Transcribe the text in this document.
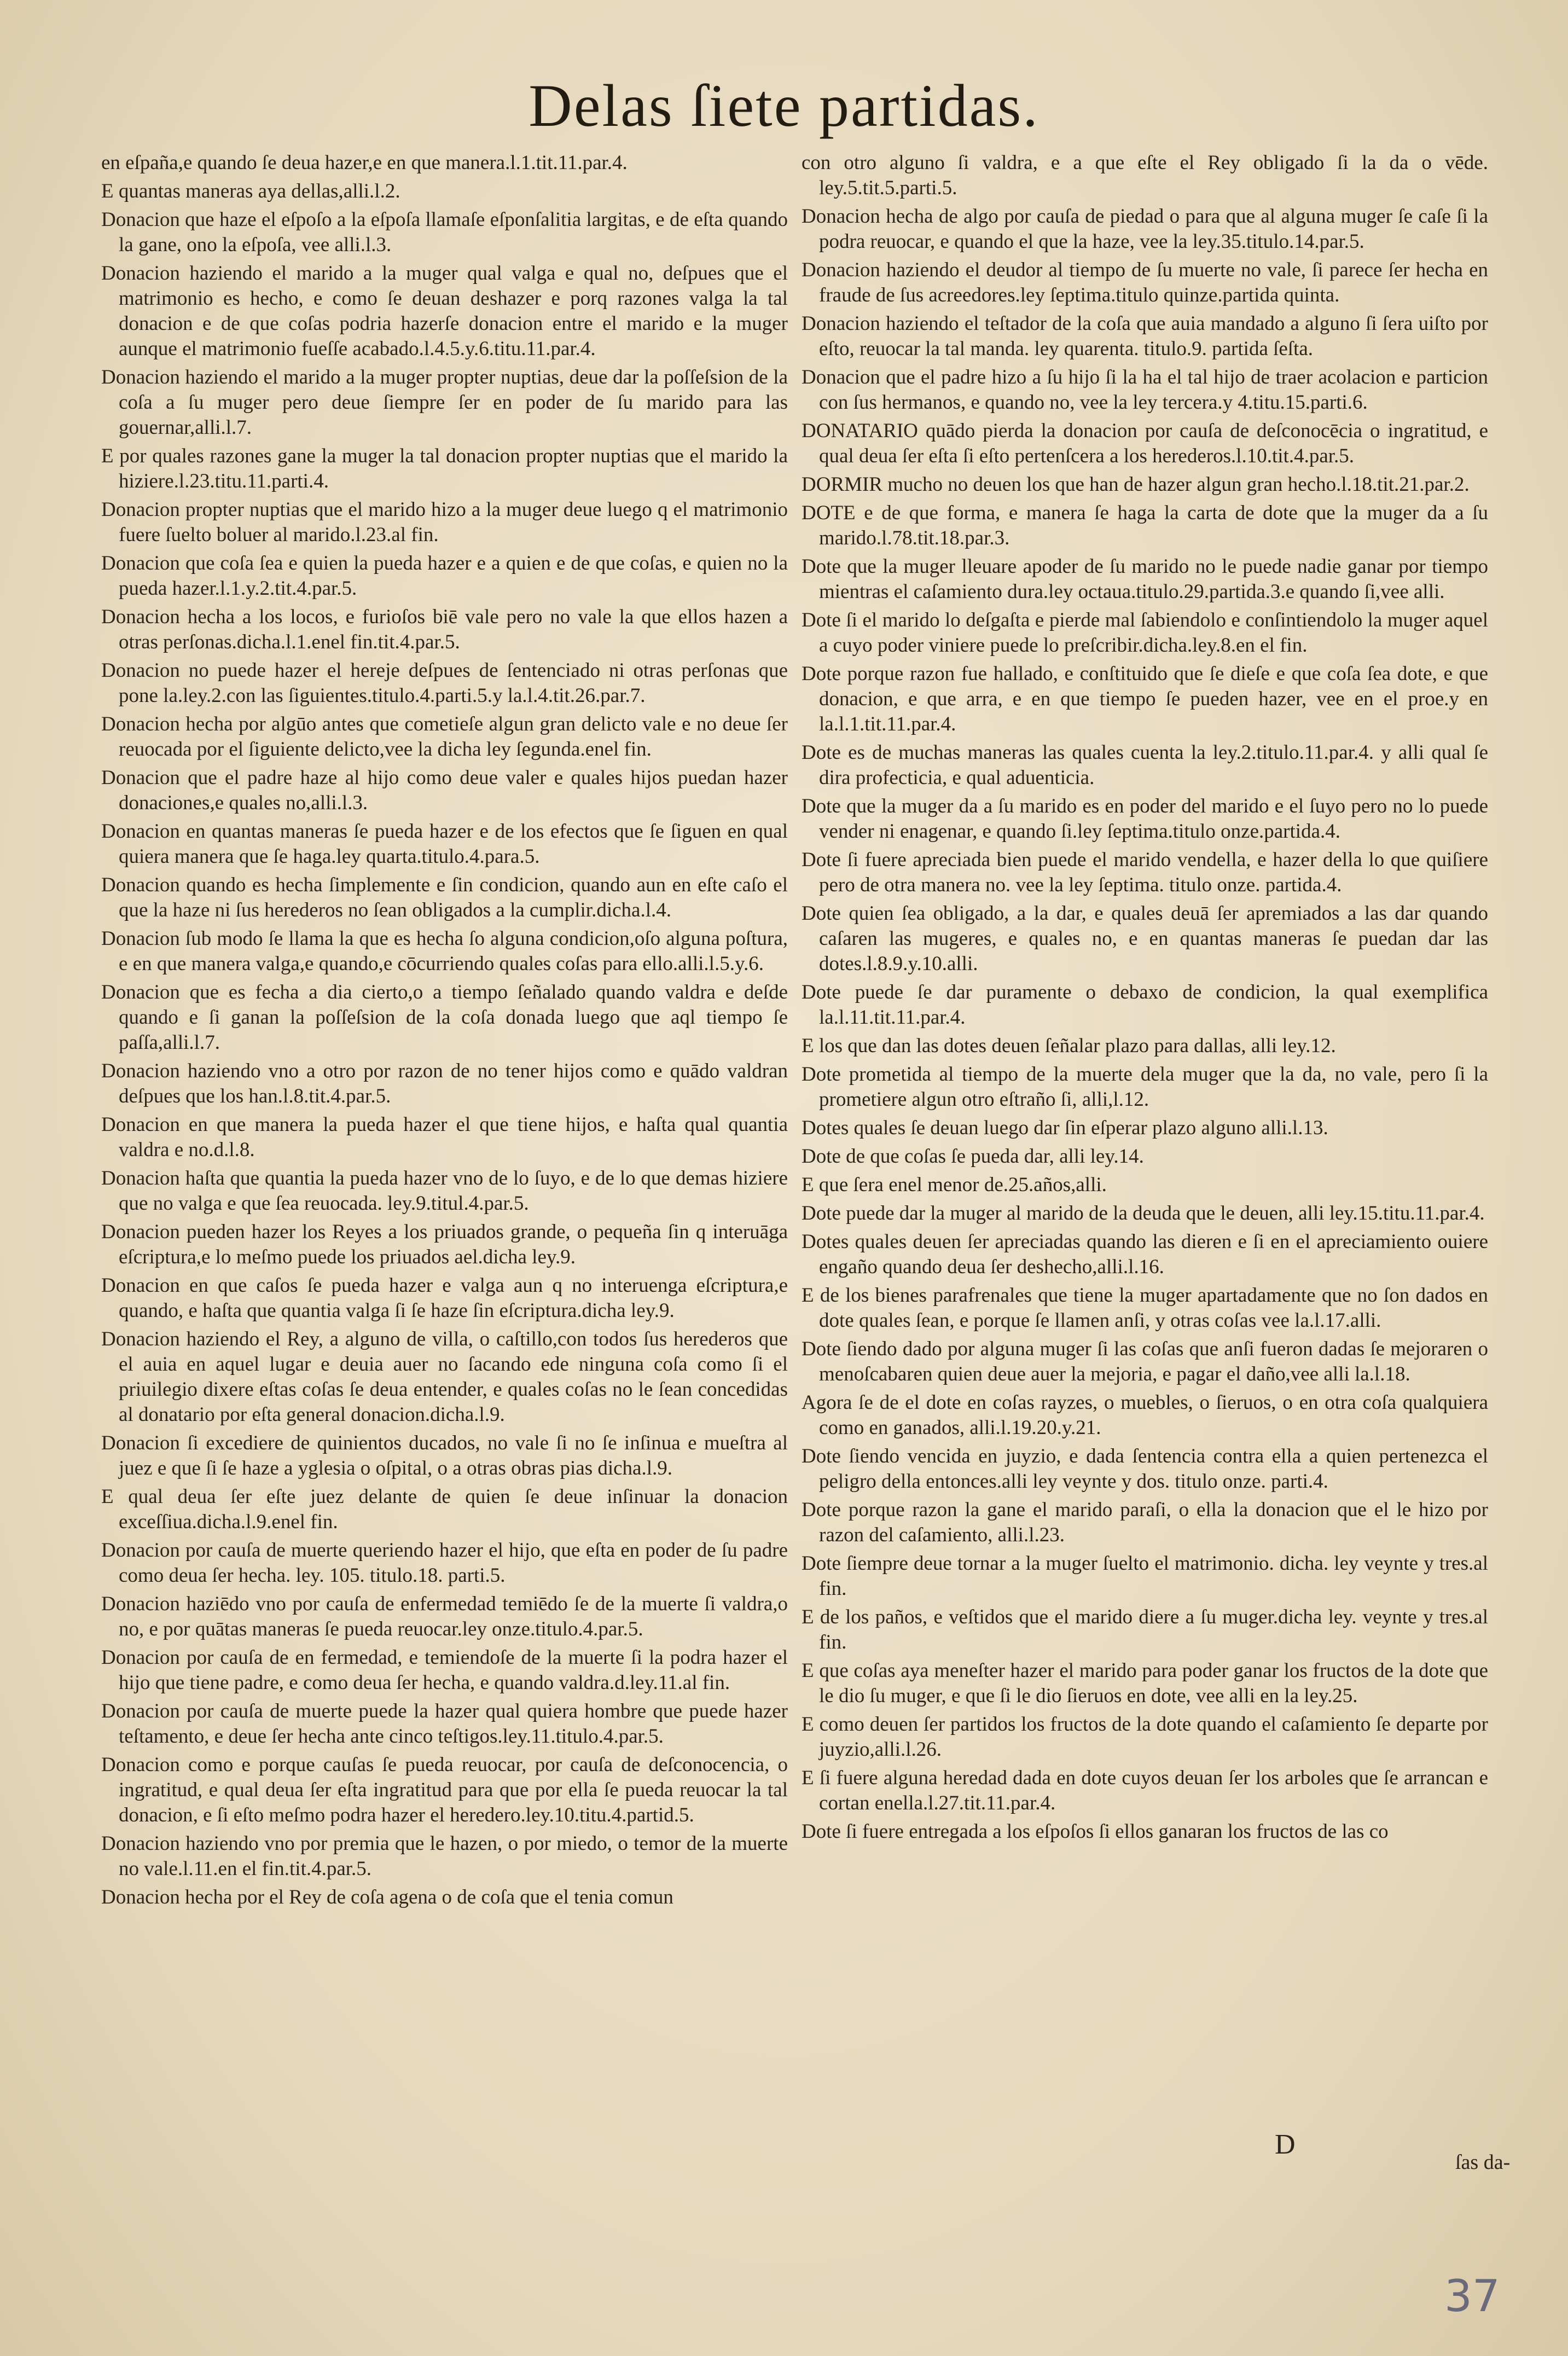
Delas ſiete partidas.
en eſpaña,e quando ſe deua hazer,e en que manera.l.1.tit.11.par.4.
E quantas maneras aya dellas,alli.l.2.
Donacion que haze el eſpoſo a la eſpoſa llamaſe eſponſalitia largitas, e de eſta quando la gane, ono la eſpoſa, vee alli.l.3.
Donacion haziendo el marido a la muger qual valga e qual no, deſpues que el matrimonio es hecho, e como ſe deuan deshazer e porq razones valga la tal donacion e de que coſas podria hazerſe donacion entre el marido e la muger aunque el matrimonio fueſſe acabado.l.4.5.y.6.titu.11.par.4.
Donacion haziendo el marido a la muger propter nuptias, deue dar la poſſeſsion de la coſa a ſu muger pero deue ſiempre ſer en poder de ſu marido para las gouernar,alli.l.7.
E por quales razones gane la muger la tal donacion propter nuptias que el marido la hiziere.l.23.titu.11.parti.4.
Donacion propter nuptias que el marido hizo a la muger deue luego q el matrimonio fuere ſuelto boluer al marido.l.23.al fin.
Donacion que coſa ſea e quien la pueda hazer e a quien e de que coſas, e quien no la pueda hazer.l.1.y.2.tit.4.par.5.
Donacion hecha a los locos, e furioſos biē vale pero no vale la que ellos hazen a otras perſonas.dicha.l.1.enel fin.tit.4.par.5.
Donacion no puede hazer el hereje deſpues de ſentenciado ni otras perſonas que pone la.ley.2.con las ſiguientes.titulo.4.parti.5.y la.l.4.tit.26.par.7.
Donacion hecha por algūo antes que cometieſe algun gran delicto vale e no deue ſer reuocada por el ſiguiente delicto,vee la dicha ley ſegunda.enel fin.
Donacion que el padre haze al hijo como deue valer e quales hijos puedan hazer donaciones,e quales no,alli.l.3.
Donacion en quantas maneras ſe pueda hazer e de los efectos que ſe ſiguen en qual quiera manera que ſe haga.ley quarta.titulo.4.para.5.
Donacion quando es hecha ſimplemente e ſin condicion, quando aun en eſte caſo el que la haze ni ſus herederos no ſean obligados a la cumplir.dicha.l.4.
Donacion ſub modo ſe llama la que es hecha ſo alguna condicion,oſo alguna poſtura, e en que manera valga,e quando,e cōcurriendo quales coſas para ello.alli.l.5.y.6.
Donacion que es fecha a dia cierto,o a tiempo ſeñalado quando valdra e deſde quando e ſi ganan la poſſeſsion de la coſa donada luego que aql tiempo ſe paſſa,alli.l.7.
Donacion haziendo vno a otro por razon de no tener hijos como e quādo valdran deſpues que los han.l.8.tit.4.par.5.
Donacion en que manera la pueda hazer el que tiene hijos, e haſta qual quantia valdra e no.d.l.8.
Donacion haſta que quantia la pueda hazer vno de lo ſuyo, e de lo que demas hiziere que no valga e que ſea reuocada. ley.9.titul.4.par.5.
Donacion pueden hazer los Reyes a los priuados grande, o pequeña ſin q interuāga eſcriptura,e lo meſmo puede los priuados ael.dicha ley.9.
Donacion en que caſos ſe pueda hazer e valga aun q no interuenga eſcriptura,e quando, e haſta que quantia valga ſi ſe haze ſin eſcriptura.dicha ley.9.
Donacion haziendo el Rey, a alguno de villa, o caſtillo,con todos ſus herederos que el auia en aquel lugar e deuia auer no ſacando ede ninguna coſa como ſi el priuilegio dixere eſtas coſas ſe deua entender, e quales coſas no le ſean concedidas al donatario por eſta general donacion.dicha.l.9.
Donacion ſi excediere de quinientos ducados, no vale ſi no ſe inſinua e mueſtra al juez e que ſi ſe haze a yglesia o oſpital, o a otras obras pias dicha.l.9.
E qual deua ſer eſte juez delante de quien ſe deue inſinuar la donacion exceſſiua.dicha.l.9.enel fin.
Donacion por cauſa de muerte queriendo hazer el hijo, que eſta en poder de ſu padre como deua ſer hecha. ley. 105. titulo.18. parti.5.
Donacion haziēdo vno por cauſa de enfermedad temiēdo ſe de la muerte ſi valdra,o no, e por quātas maneras ſe pueda reuocar.ley onze.titulo.4.par.5.
Donacion por cauſa de en fermedad, e temiendoſe de la muerte ſi la podra hazer el hijo que tiene padre, e como deua ſer hecha, e quando valdra.d.ley.11.al fin.
Donacion por cauſa de muerte puede la hazer qual quiera hombre que puede hazer teſtamento, e deue ſer hecha ante cinco teſtigos.ley.11.titulo.4.par.5.
Donacion como e porque cauſas ſe pueda reuocar, por cauſa de deſconocencia, o ingratitud, e qual deua ſer eſta ingratitud para que por ella ſe pueda reuocar la tal donacion, e ſi eſto meſmo podra hazer el heredero.ley.10.titu.4.partid.5.
Donacion haziendo vno por premia que le hazen, o por miedo, o temor de la muerte no vale.l.11.en el fin.tit.4.par.5.
Donacion hecha por el Rey de coſa agena o de coſa que el tenia comun
con otro alguno ſi valdra, e a que eſte el Rey obligado ſi la da o vēde. ley.5.tit.5.parti.5.
Donacion hecha de algo por cauſa de piedad o para que al alguna muger ſe caſe ſi la podra reuocar, e quando el que la haze, vee la ley.35.titulo.14.par.5.
Donacion haziendo el deudor al tiempo de ſu muerte no vale, ſi parece ſer hecha en fraude de ſus acreedores.ley ſeptima.titulo quinze.partida quinta.
Donacion haziendo el teſtador de la coſa que auia mandado a alguno ſi ſera uiſto por eſto, reuocar la tal manda. ley quarenta. titulo.9. partida ſeſta.
Donacion que el padre hizo a ſu hijo ſi la ha el tal hijo de traer acolacion e particion con ſus hermanos, e quando no, vee la ley tercera.y 4.titu.15.parti.6.
DONATARIO quādo pierda la donacion por cauſa de deſconocēcia o ingratitud, e qual deua ſer eſta ſi eſto pertenſcera a los herederos.l.10.tit.4.par.5.
DORMIR mucho no deuen los que han de hazer algun gran hecho.l.18.tit.21.par.2.
DOTE e de que forma, e manera ſe haga la carta de dote que la muger da a ſu marido.l.78.tit.18.par.3.
Dote que la muger lleuare apoder de ſu marido no le puede nadie ganar por tiempo mientras el caſamiento dura.ley octaua.titulo.29.partida.3.e quando ſi,vee alli.
Dote ſi el marido lo deſgaſta e pierde mal ſabiendolo e conſintiendolo la muger aquel a cuyo poder viniere puede lo preſcribir.dicha.ley.8.en el fin.
Dote porque razon fue hallado, e conſtituido que ſe dieſe e que coſa ſea dote, e que donacion, e que arra, e en que tiempo ſe pueden hazer, vee en el proe.y en la.l.1.tit.11.par.4.
Dote es de muchas maneras las quales cuenta la ley.2.titulo.11.par.4. y alli qual ſe dira profecticia, e qual aduenticia.
Dote que la muger da a ſu marido es en poder del marido e el ſuyo pero no lo puede vender ni enagenar, e quando ſi.ley ſeptima.titulo onze.partida.4.
Dote ſi fuere apreciada bien puede el marido vendella, e hazer della lo que quiſiere pero de otra manera no. vee la ley ſeptima. titulo onze. partida.4.
Dote quien ſea obligado, a la dar, e quales deuā ſer apremiados a las dar quando caſaren las mugeres, e quales no, e en quantas maneras ſe puedan dar las dotes.l.8.9.y.10.alli.
Dote puede ſe dar puramente o debaxo de condicion, la qual exemplifica la.l.11.tit.11.par.4.
E los que dan las dotes deuen ſeñalar plazo para dallas, alli ley.12.
Dote prometida al tiempo de la muerte dela muger que la da, no vale, pero ſi la prometiere algun otro eſtraño ſi, alli,l.12.
Dotes quales ſe deuan luego dar ſin eſperar plazo alguno alli.l.13.
Dote de que coſas ſe pueda dar, alli ley.14.
E que ſera enel menor de.25.años,alli.
Dote puede dar la muger al marido de la deuda que le deuen, alli ley.15.titu.11.par.4.
Dotes quales deuen ſer apreciadas quando las dieren e ſi en el apreciamiento ouiere engaño quando deua ſer deshecho,alli.l.16.
E de los bienes parafrenales que tiene la muger apartadamente que no ſon dados en dote quales ſean, e porque ſe llamen anſi, y otras coſas vee la.l.17.alli.
Dote ſiendo dado por alguna muger ſi las coſas que anſi fueron dadas ſe mejoraren o menoſcabaren quien deue auer la mejoria, e pagar el daño,vee alli la.l.18.
Agora ſe de el dote en coſas rayzes, o muebles, o ſieruos, o en otra coſa qualquiera como en ganados, alli.l.19.20.y.21.
Dote ſiendo vencida en juyzio, e dada ſentencia contra ella a quien pertenezca el peligro della entonces.alli ley veynte y dos. titulo onze. parti.4.
Dote porque razon la gane el marido paraſi, o ella la donacion que el le hizo por razon del caſamiento, alli.l.23.
Dote ſiempre deue tornar a la muger ſuelto el matrimonio. dicha. ley veynte y tres.al fin.
E de los paños, e veſtidos que el marido diere a ſu muger.dicha ley. veynte y tres.al fin.
E que coſas aya meneſter hazer el marido para poder ganar los fructos de la dote que le dio ſu muger, e que ſi le dio ſieruos en dote, vee alli en la ley.25.
E como deuen ſer partidos los fructos de la dote quando el caſamiento ſe departe por juyzio,alli.l.26.
E ſi fuere alguna heredad dada en dote cuyos deuan ſer los arboles que ſe arrancan e cortan enella.l.27.tit.11.par.4.
Dote ſi fuere entregada a los eſpoſos ſi ellos ganaran los fructos de las co
D
ſas da-
37
